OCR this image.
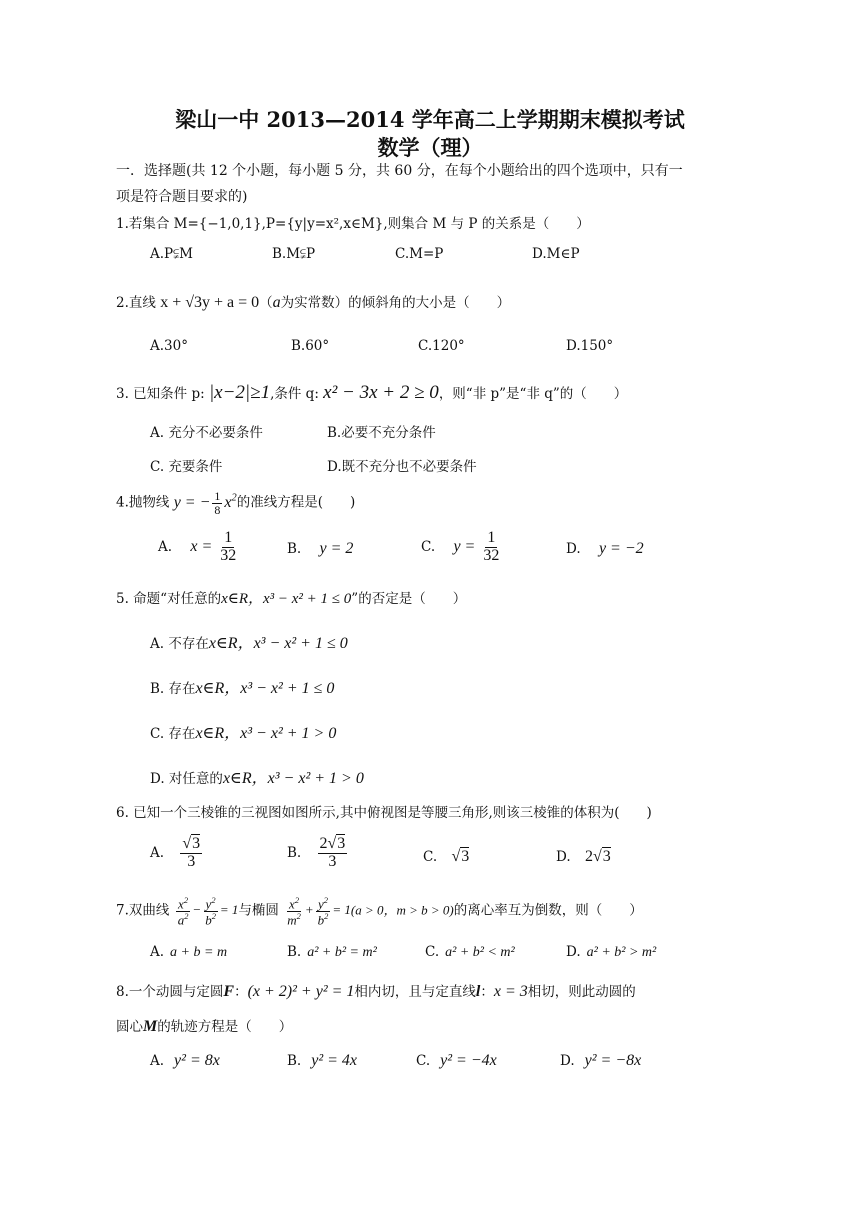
梁山一中 2013—2014 学年高二上学期期末模拟考试
数学（理）
一．选择题(共 12 个小题，每小题 5 分，共 60 分，在每个小题给出的四个选项中，只有一
项是符合题目要求的)
1.若集合 M={−1,0,1},P={y|y=x²,x∈M},则集合 M 与 P 的关系是（　　）
A.P⫋M	B.M⫋P	C.M=P	D.M∈P
2.直线 x + √3y + a = 0（a为实常数）的倾斜角的大小是（　　）
A.30°	B.60°	C.120°	D.150°
3. 已知条件 p: |x−2|≥1,条件 q: x² − 3x + 2 ≥ 0，则“非 p”是“非 q”的（　　）
A. 充分不必要条件	B.必要不充分条件
C. 充要条件	D.既不充分也不必要条件
4.抛物线 y = − $\frac{1}{8} x^2$的准线方程是(　　)
A. $x = \frac{1}{32}$	B. y = 2	C. $y = \frac{1}{32}$	D. y = −2
5. 命题“对任意的x∈R，x³ − x² + 1 ≤ 0”的否定是（　　）
A. 不存在x∈R，x³ − x² + 1 ≤ 0
B. 存在x∈R，x³ − x² + 1 ≤ 0
C. 存在x∈R，x³ − x² + 1 > 0
D. 对任意的x∈R，x³ − x² + 1 > 0
6. 已知一个三棱锥的三视图如图所示,其中俯视图是等腰三角形,则该三棱锥的体积为(　　)
A. $\frac{√3}{3}$	B. $\frac{2√3}{3}$	C. √3	D. 2√3
7.双曲线 $\frac{x^2}{a^2} - \frac{y^2}{b^2} = 1$与椭圆 $\frac{x^2}{m^2} + \frac{y^2}{b^2} = 1(a > 0$，m > b > 0)的离心率互为倒数，则（　　）
A. a + b = m	B. a² + b² = m²	C. a² + b² < m²	D. a² + b² > m²
8.一个动圆与定圆F：(x + 2)² + y² = 1相内切，且与定直线l：x = 3相切，则此动圆的
圆心M的轨迹方程是（　　）
A. y² = 8x	B. y² = 4x	C. y² = −4x	D. y² = −8x
